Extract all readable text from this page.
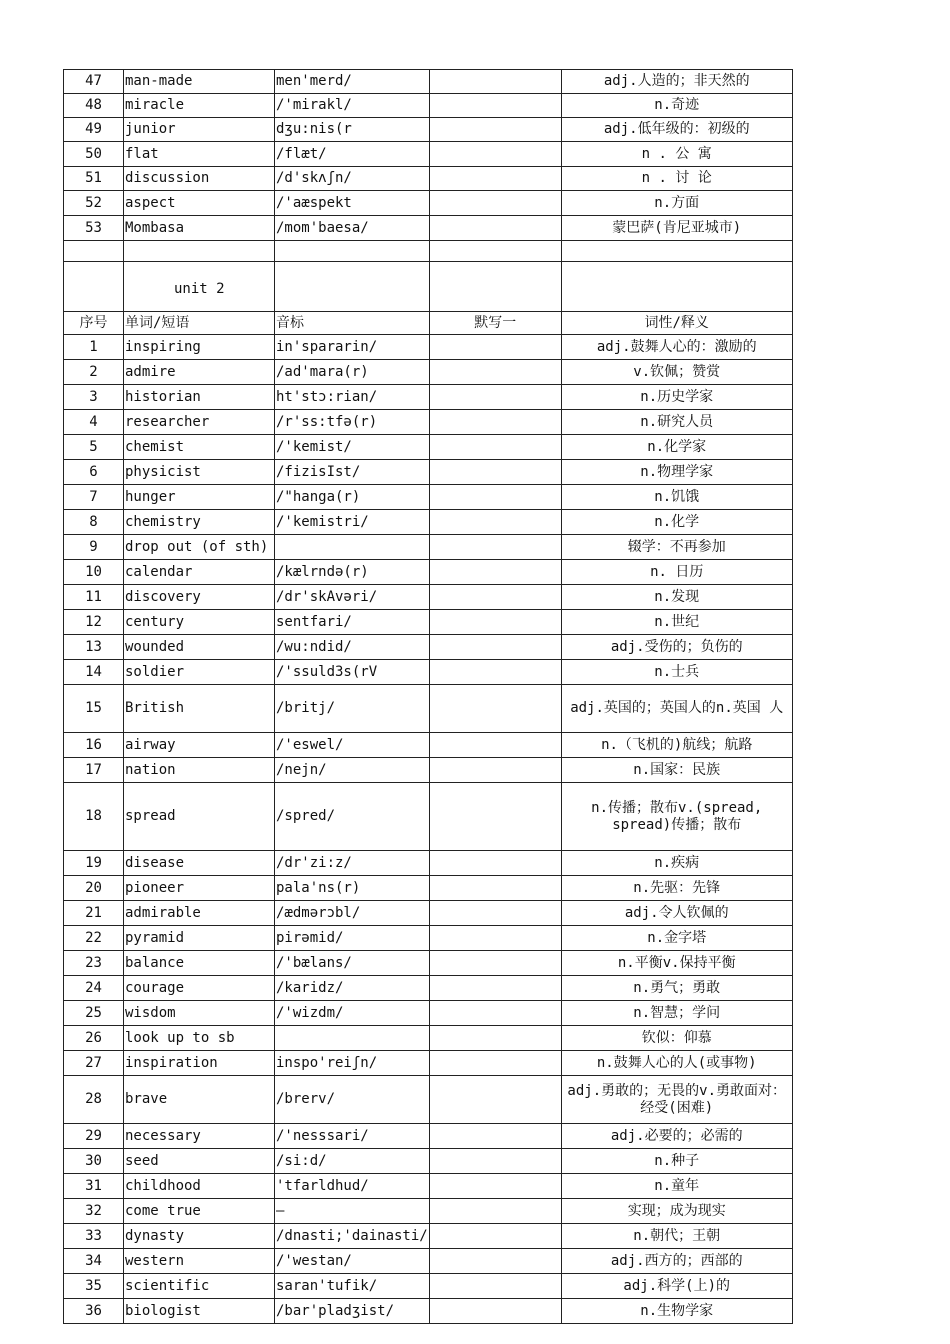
47	man-made	men'merd/		adj.人造的；非天然的
48	miracle	/'mirakl/		n.奇迹
49	junior	dʒu:nis(r		adj.低年级的：初级的
50	flat	/flæt/		n . 公 寓
51	discussion	/d'skʌʃn/		n . 讨 论
52	aspect	/'aæspekt		n.方面
53	Mombasa	/mom'baesa/		蒙巴萨(肯尼亚城市)

	unit 2			
序号	单词/短语	音标	默写一	词性/释义
1	inspiring	in'spararin/		adj.鼓舞人心的：激励的
2	admire	/ad'mara(r)		v.钦佩；赞赏
3	historian	ht'stɔ:rian/		n.历史学家
4	researcher	/r'ss:tfə(r)		n.研究人员
5	chemist	/'kemist/		n.化学家
6	physicist	/fizisIst/		n.物理学家
7	hunger	/"hanga(r)		n.饥饿
8	chemistry	/'kemistri/		n.化学
9	drop out (of sth)			辍学：不再参加
10	calendar	/kælrndə(r)		n. 日历
11	discovery	/dr'skAvəri/		n.发现
12	century	sentfari/		n.世纪
13	wounded	/wu:ndid/		adj.受伤的；负伤的
14	soldier	/'ssuld3s(rV		n.士兵
15	British	/britj/		adj.英国的；英国人的n.英国 人
16	airway	/'eswel/		n.（飞机的)航线；航路
17	nation	/nejn/		n.国家：民族
18	spread	/spred/		n.传播；散布v.(spread, spread)传播；散布
19	disease	/dr'zi:z/		n.疾病
20	pioneer	pala'ns(r)		n.先驱：先锋
21	admirable	/ædmərɔbl/		adj.令人钦佩的
22	pyramid	pirəmid/		n.金字塔
23	balance	/'bælans/		n.平衡v.保持平衡
24	courage	/karidz/		n.勇气；勇敢
25	wisdom	/'wizdm/		n.智慧；学问
26	look up to sb			钦似：仰慕
27	inspiration	inspo'reiʃn/		n.鼓舞人心的人(或事物)
28	brave	/brerv/		adj.勇敢的；无畏的v.勇敢面对：经受(困难)
29	necessary	/'nesssari/		adj.必要的；必需的
30	seed	/si:d/		n.种子
31	childhood	'tfarldhud/		n.童年
32	come true	—		实现；成为现实
33	dynasty	/dnasti;'dainasti/		n.朝代；王朝
34	western	/'westan/		adj.西方的；西部的
35	scientific	saran'tufik/		adj.科学(上)的
36	biologist	/bar'pladʒist/		n.生物学家
